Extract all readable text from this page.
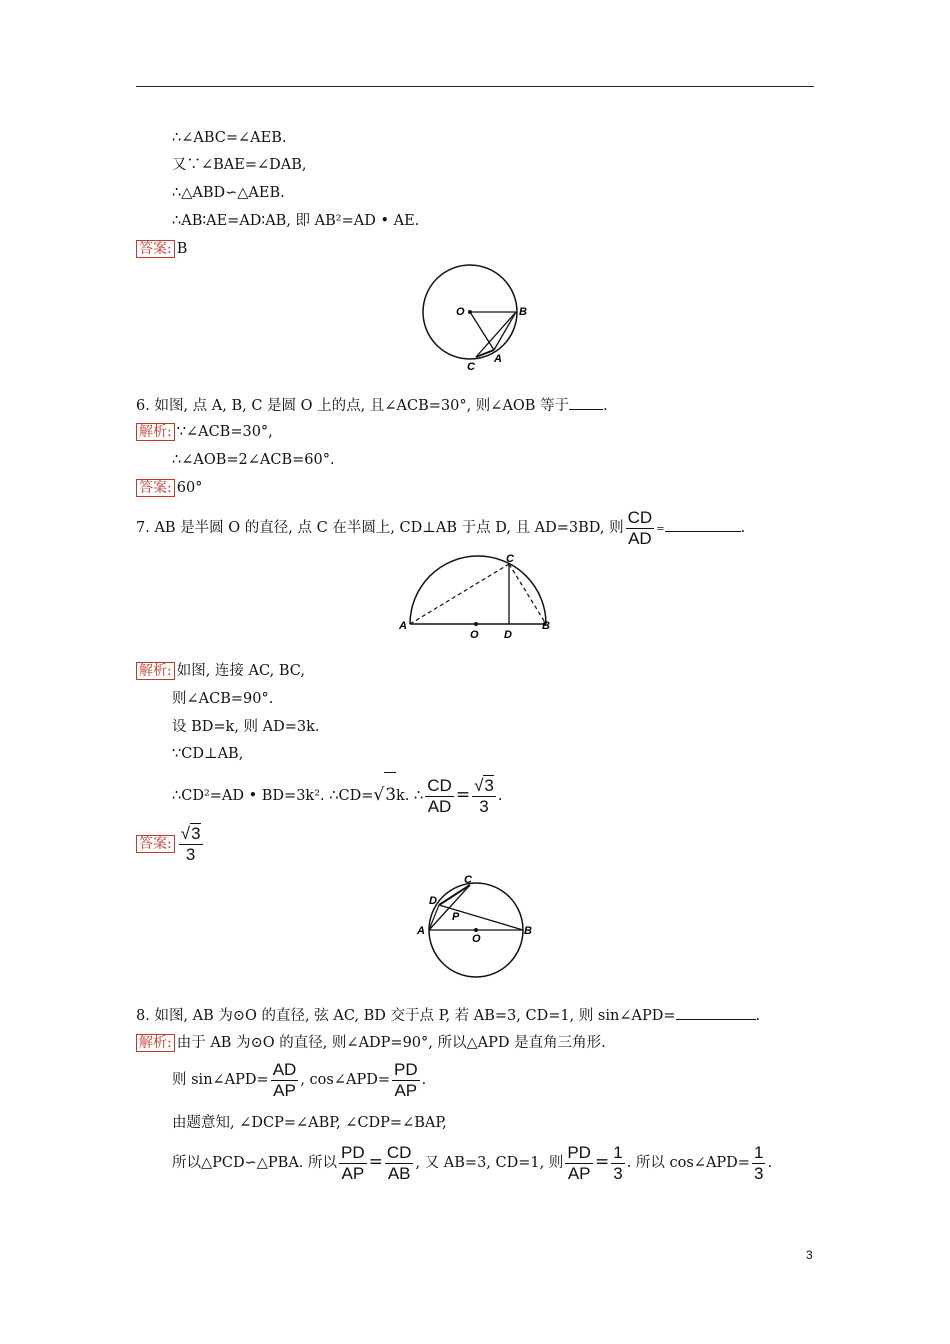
∴∠ABC=∠AEB.
又∵∠BAE=∠DAB,
∴△ABD∽△AEB.
∴AB∶AE=AD∶AB, 即 AB²=AD • AE.
答案: B
O	B
A
C
6. 如图, 点 A, B, C 是圆 O 上的点, 且∠ACB=30°, 则∠AOB 等于 .
解析: ∵∠ACB=30°,
∴∠AOB=2∠ACB=60°.
答案: 60°
7. AB 是半圆 O 的直径, 点 C 在半圆上, CD⊥AB 于点 D, 且 AD=3BD, 则 $\frac{CD}{AD}$ =	.
A
O D
B
C
解析: 如图, 连接 AC, BC,
则∠ACB=90°.
设 BD=k, 则 AD=3k.
∵CD⊥AB,
∴CD²=AD • BD=3k². ∴CD=√3k. ∴ $\frac{CD}{AD} = \frac{√3}{3}$ .
答案: $\frac{√3}{3}$
A	B
C
D
P
O
8. 如图, AB 为⊙O 的直径, 弦 AC, BD 交于点 P, 若 AB=3, CD=1, 则 sin∠APD=	.
解析: 由于 AB 为⊙O 的直径, 则∠ADP=90°, 所以△APD 是直角三角形.
则 sin∠APD= $\frac{AD}{AP}$ , cos∠APD= $\frac{PD}{AP}$ .
由题意知, ∠DCP=∠ABP, ∠CDP=∠BAP,
所以△PCD∽△PBA. 所以 $\frac{PD}{AP} = \frac{CD}{AB}$ , 又 AB=3, CD=1, 则 $\frac{PD}{AP} = \frac{1}{3}$ . 所以 cos∠APD= $\frac{1}{3}$ .
3
